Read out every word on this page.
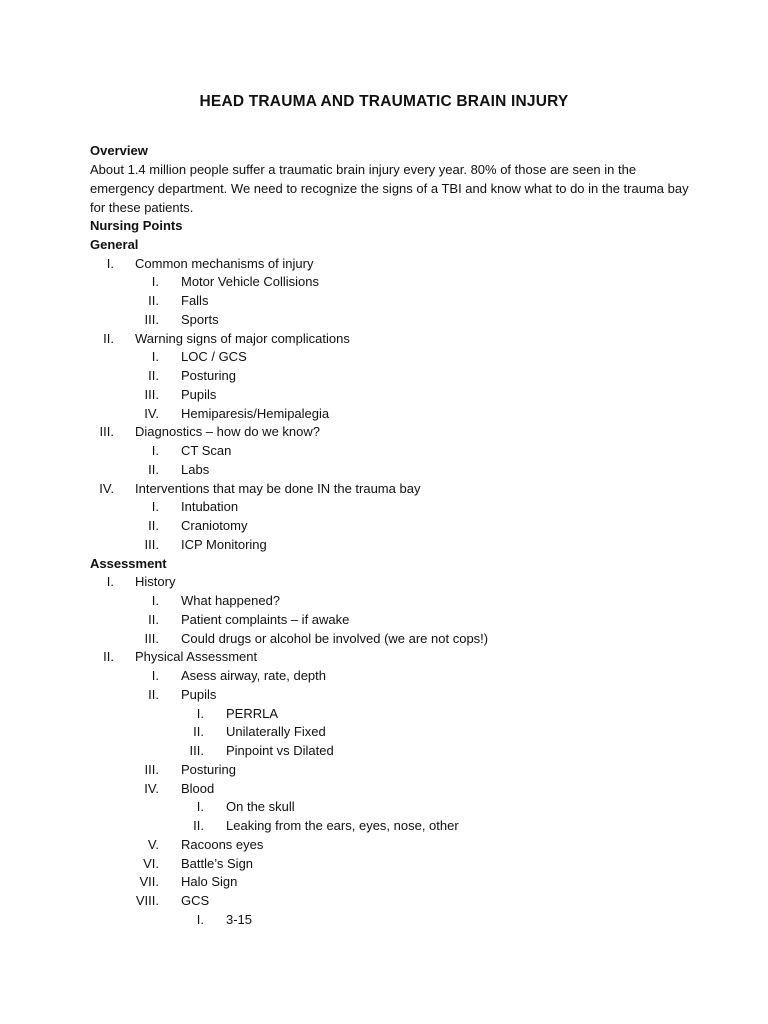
HEAD TRAUMA AND TRAUMATIC BRAIN INJURY
Overview
About 1.4 million people suffer a traumatic brain injury every year. 80% of those are seen in the
emergency department. We need to recognize the signs of a TBI and know what to do in the trauma bay
for these patients.
Nursing Points
General
I. Common mechanisms of injury
I. Motor Vehicle Collisions
II. Falls
III. Sports
II. Warning signs of major complications
I. LOC / GCS
II. Posturing
III. Pupils
IV. Hemiparesis/Hemipalegia
III. Diagnostics – how do we know?
I. CT Scan
II. Labs
IV. Interventions that may be done IN the trauma bay
I. Intubation
II. Craniotomy
III. ICP Monitoring
Assessment
I. History
I. What happened?
II. Patient complaints – if awake
III. Could drugs or alcohol be involved (we are not cops!)
II. Physical Assessment
I. Asess airway, rate, depth
II. Pupils
I. PERRLA
II. Unilaterally Fixed
III. Pinpoint vs Dilated
III. Posturing
IV. Blood
I. On the skull
II. Leaking from the ears, eyes, nose, other
V. Racoons eyes
VI. Battle’s Sign
VII. Halo Sign
VIII. GCS
I. 3-15
